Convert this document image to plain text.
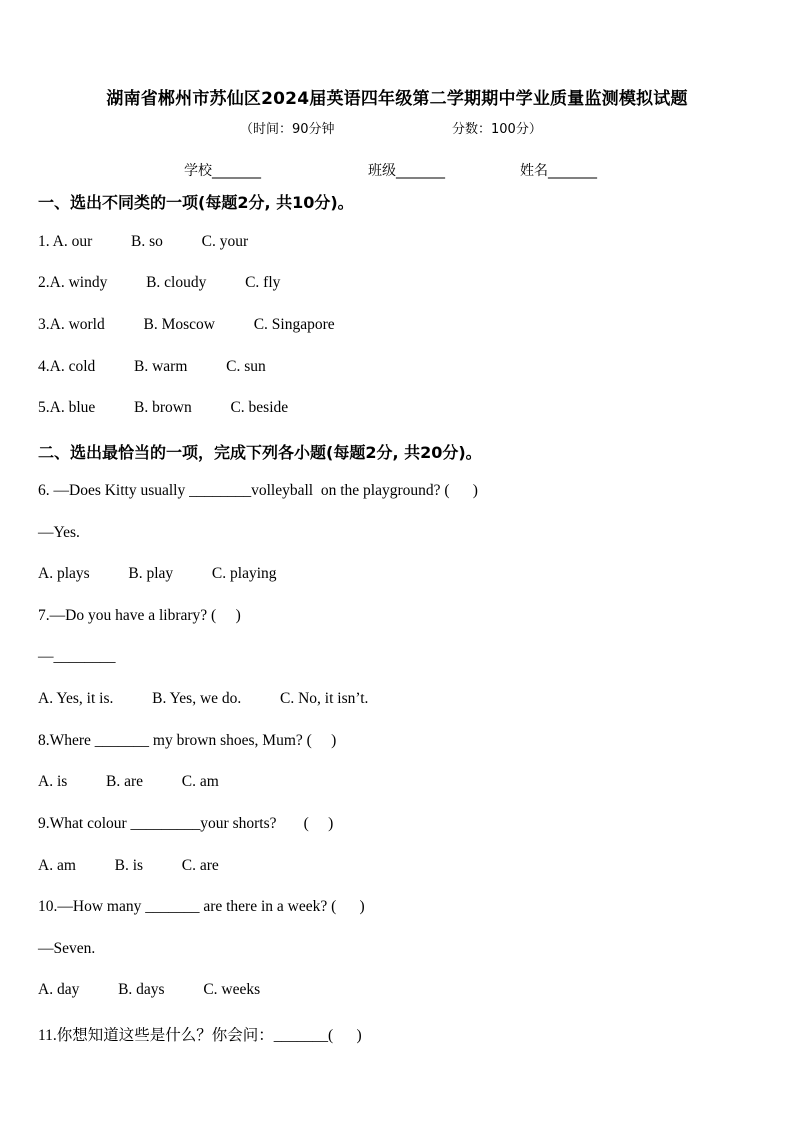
湖南省郴州市苏仙区2024届英语四年级第二学期期中学业质量监测模拟试题
（时间：90分钟	分数：100分）
学校_______	班级_______	姓名_______
一、选出不同类的一项(每题2分, 共10分)。
1. A. our          B. so          C. your
2.A. windy          B. cloudy          C. fly
3.A. world          B. Moscow          C. Singapore
4.A. cold          B. warm          C. sun
5.A. blue          B. brown          C. beside
二、选出最恰当的一项，完成下列各小题(每题2分, 共20分)。
6. —Does Kitty usually ________volleyball  on the playground? (      )
—Yes.
A. plays          B. play          C. playing
7.—Do you have a library? (     )
—________
A. Yes, it is.          B. Yes, we do.          C. No, it isn’t.
8.Where _______ my brown shoes, Mum? (     )
A. is          B. are          C. am
9.What colour _________your shorts?       (     )
A. am          B. is          C. are
10.—How many _______ are there in a week? (      )
—Seven.
A. day          B. days          C. weeks
11.你想知道这些是什么？你会问：_______(      )
